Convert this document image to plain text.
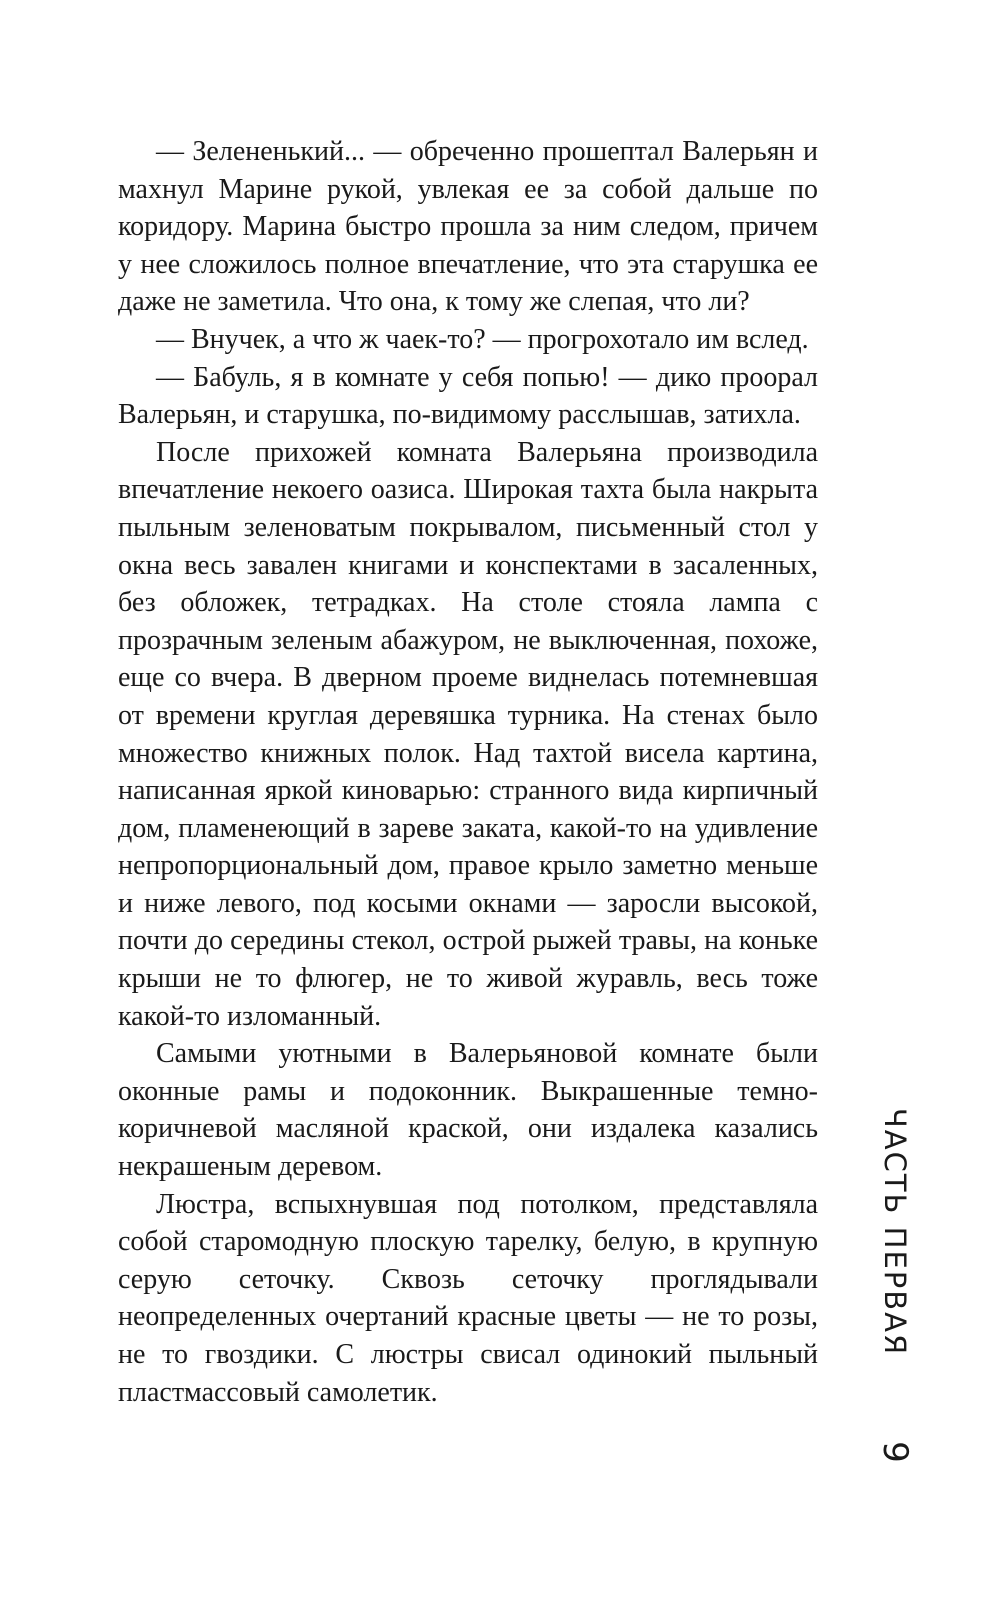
— Зелененький... — обреченно прошептал Валерьян и махнул Марине рукой, увлекая ее за собой дальше по коридору. Марина быстро прошла за ним следом, причем у нее сложилось полное впечатление, что эта старушка ее даже не заметила. Что она, к тому же слепая, что ли?

— Внучек, а что ж чаек-то? — прогрохотало им вслед.

— Бабуль, я в комнате у себя попью! — дико проорал Валерьян, и старушка, по-видимому расслышав, затихла.

После прихожей комната Валерьяна производила впечатление некоего оазиса. Широкая тахта была накрыта пыльным зеленоватым покрывалом, письменный стол у окна весь завален книгами и конспектами в засаленных, без обложек, тетрадках. На столе стояла лампа с прозрачным зеленым абажуром, не выключенная, похоже, еще со вчера. В дверном проеме виднелась потемневшая от времени круглая деревяшка турника. На стенах было множество книжных полок. Над тахтой висела картина, написанная яркой киноварью: странного вида кирпичный дом, пламенеющий в зареве заката, какой-то на удивление непропорциональный дом, правое крыло заметно меньше и ниже левого, под косыми окнами — заросли высокой, почти до середины стекол, острой рыжей травы, на коньке крыши не то флюгер, не то живой журавль, весь тоже какой-то изломанный.

Самыми уютными в Валерьяновой комнате были оконные рамы и подоконник. Выкрашенные темно-коричневой масляной краской, они издалека казались некрашеным деревом.

Люстра, вспыхнувшая под потолком, представляла собой старомодную плоскую тарелку, белую, в крупную серую сеточку. Сквозь сеточку проглядывали неопределенных очертаний красные цветы — не то розы, не то гвоздики. С люстры свисал одинокий пыльный пластмассовый самолетик.

ЧАСТЬ ПЕРВАЯ
9
